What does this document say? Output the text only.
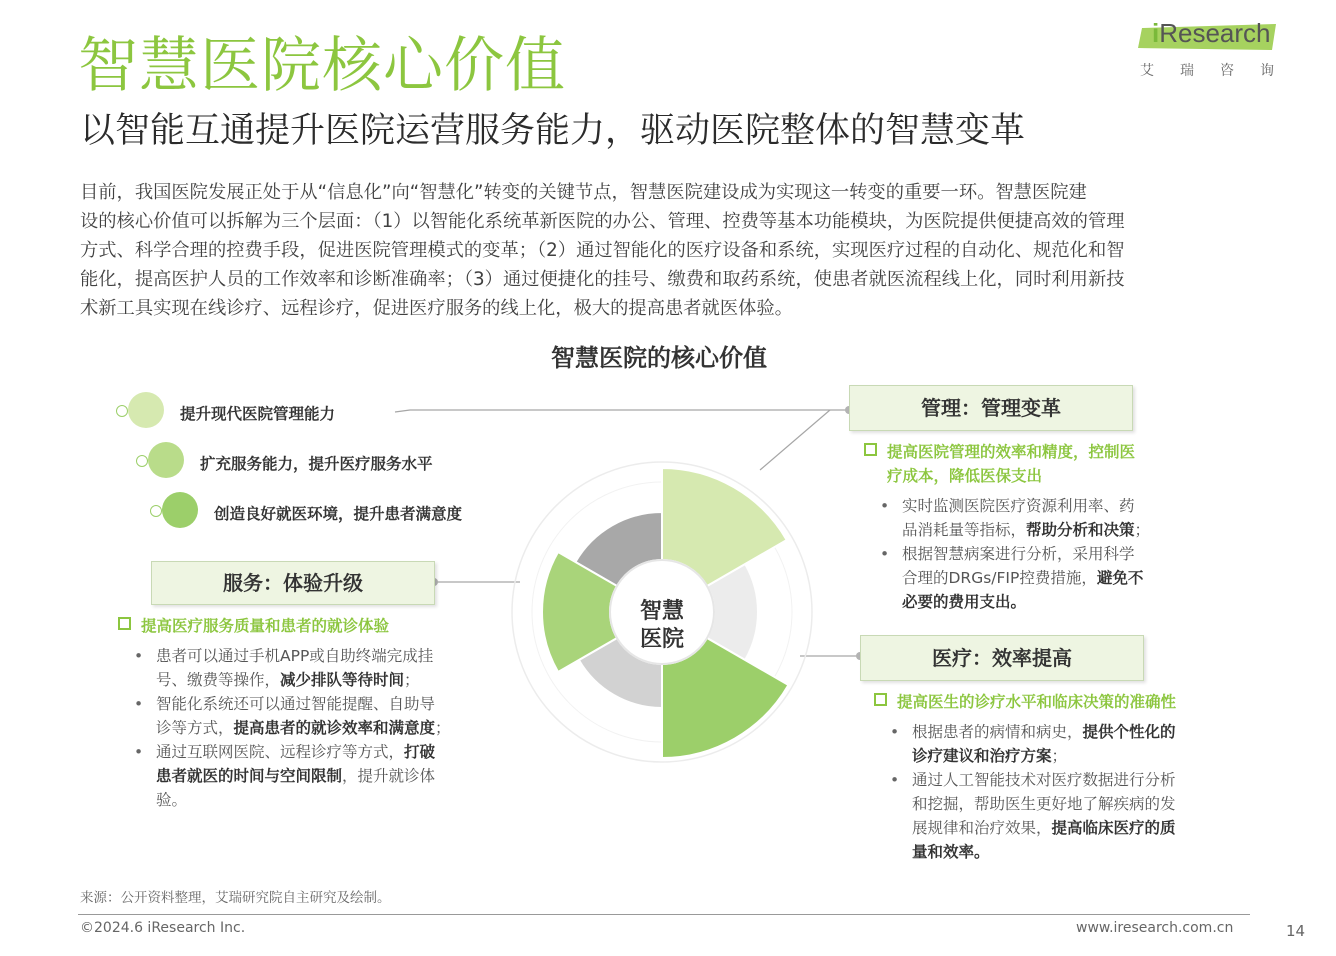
智慧医院核心价值
以智能互通提升医院运营服务能力，驱动医院整体的智慧变革
iResearch
艾瑞咨询

目前，我国医院发展正处于从“信息化”向“智慧化”转变的关键节点，智慧医院建设成为实现这一转变的重要一环。智慧医院建

设的核心价值可以拆解为三个层面：（1）以智能化系统革新医院的办公、管理、控费等基本功能模块，为医院提供便捷高效的管理

方式、科学合理的控费手段，促进医院管理模式的变革；（2）通过智能化的医疗设备和系统，实现医疗过程的自动化、规范化和智

能化，提高医护人员的工作效率和诊断准确率；（3）通过便捷化的挂号、缴费和取药系统，使患者就医流程线上化，同时利用新技

术新工具实现在线诊疗、远程诊疗，促进医疗服务的线上化，极大的提高患者就医体验。

智慧医院的核心价值
智慧
医院
提升现代医院管理能力
扩充服务能力，提升医疗服务水平
创造良好就医环境，提升患者满意度
服务：体验升级
提高医疗服务质量和患者的就诊体验
• 患者可以通过手机APP或自助终端完成挂
号、缴费等操作，减少排队等待时间；
• 智能化系统还可以通过智能提醒、自助导
诊等方式，提高患者的就诊效率和满意度；
• 通过互联网医院、远程诊疗等方式，打破
患者就医的时间与空间限制，提升就诊体
验。
管理：管理变革
提高医院管理的效率和精度，控制医
疗成本，降低医保支出
• 实时监测医院医疗资源利用率、药
品消耗量等指标，帮助分析和决策；
• 根据智慧病案进行分析，采用科学
合理的DRGs/FIP控费措施，避免不
必要的费用支出。
医疗：效率提高
提高医生的诊疗水平和临床决策的准确性
• 根据患者的病情和病史，提供个性化的
诊疗建议和治疗方案；
• 通过人工智能技术对医疗数据进行分析
和挖掘，帮助医生更好地了解疾病的发
展规律和治疗效果，提高临床医疗的质
量和效率。
来源：公开资料整理，艾瑞研究院自主研究及绘制。
©2024.6 iResearch Inc.	www.iresearch.com.cn	14
